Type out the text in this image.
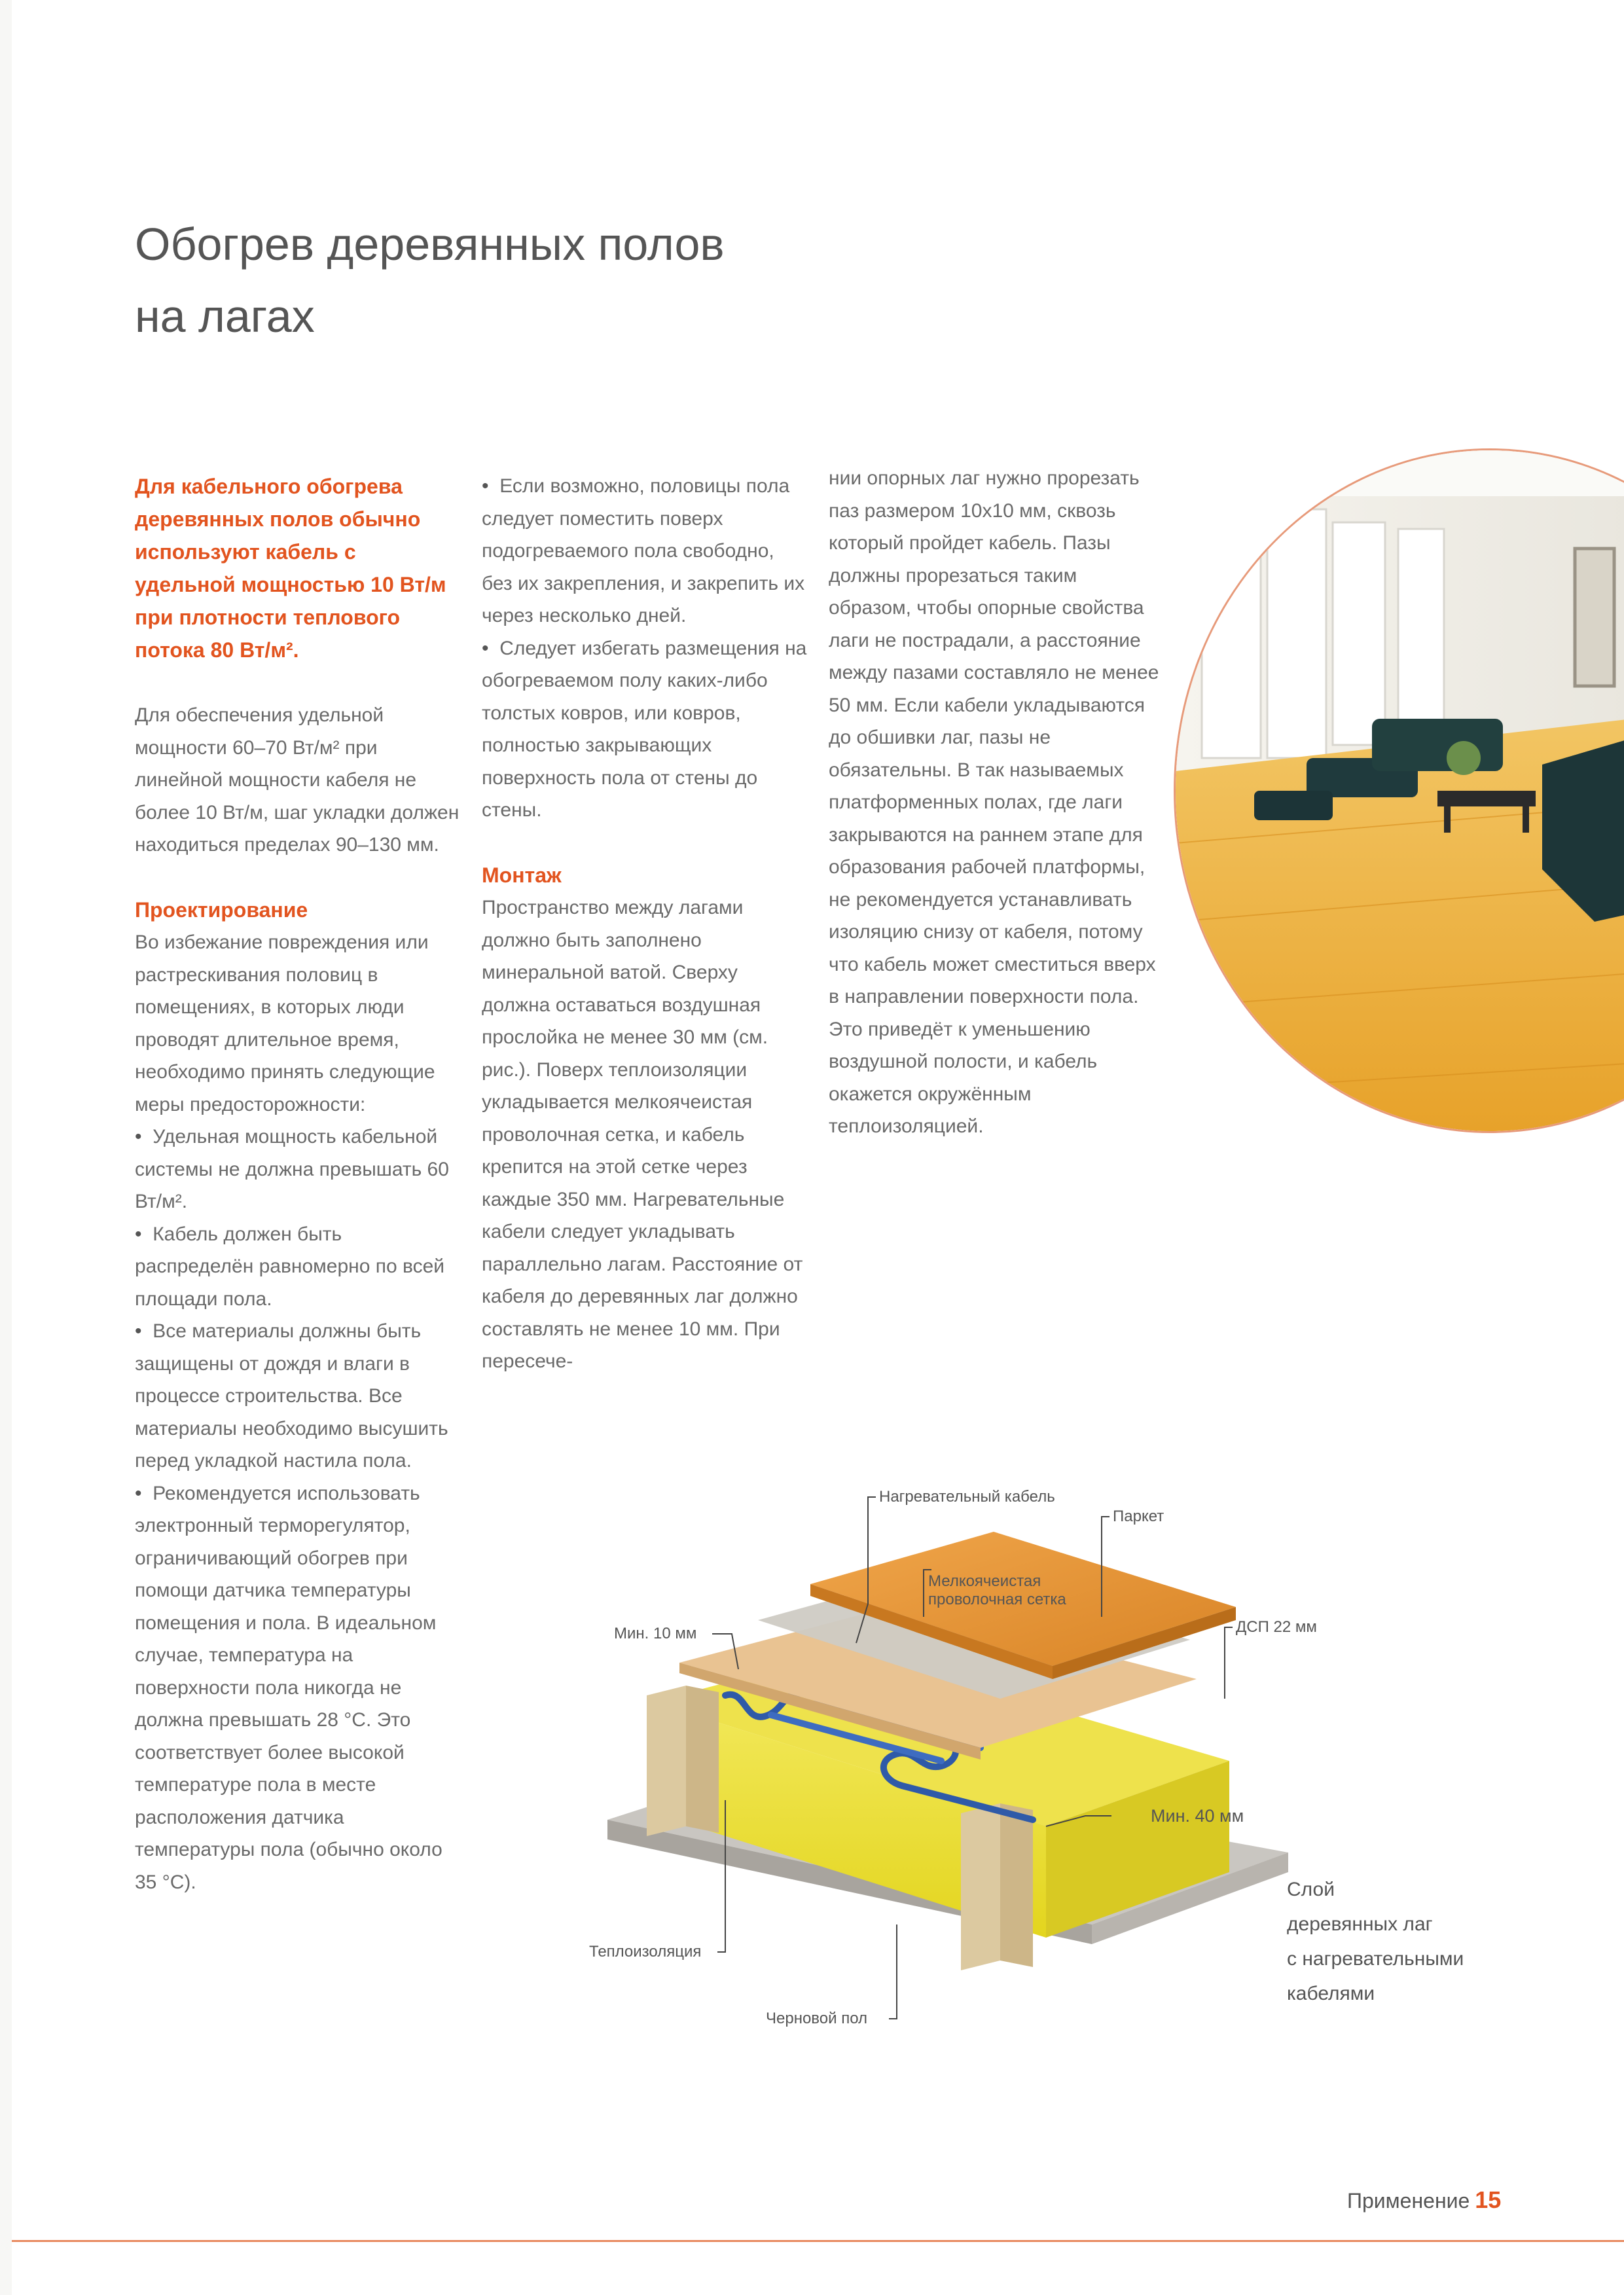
Обогрев деревянных полов
на лагах

Для кабельного обогрева деревянных полов обычно используют кабель с удельной мощностью 10 Вт/м при плотности теплового потока 80 Вт/м².

Для обеспечения удельной мощности 60–70 Вт/м² при линейной мощности кабеля не более 10 Вт/м, шаг укладки должен находиться пределах 90–130 мм.

Проектирование

Во избежание повреждения или растрескивания половиц в помещениях, в которых люди проводят длительное время, необходимо принять следующие меры предосторожности:

•  Удельная мощность кабельной системы не должна превышать 60 Вт/м².

•  Кабель должен быть распределён равномерно по всей площади пола.

•  Все материалы должны быть защищены от дождя и влаги в процессе строительства. Все материалы необходимо высушить перед укладкой настила пола.

•  Рекомендуется использовать электронный терморегулятор, ограничивающий обогрев при помощи датчика температуры помещения и пола. В идеальном случае, температура на поверхности пола никогда не должна превышать 28 °С. Это соответствует более высокой температуре пола в месте расположения датчика температуры пола (обычно около 35 °С).

•  Если возможно, половицы пола следует поместить поверх подогреваемого пола свободно, без их закрепления, и закрепить их через несколько дней.

•  Следует избегать размещения на обогреваемом полу каких-либо толстых ковров, или ковров, полностью закрывающих поверхность пола от стены до стены.

Монтаж

Пространство между лагами должно быть заполнено минеральной ватой. Сверху должна оставаться воздушная прослойка не менее 30 мм (см. рис.). Поверх теплоизоляции укладывается мелкоячеистая проволочная сетка, и кабель крепится на этой сетке через каждые 350 мм. Нагревательные кабели следует укладывать параллельно лагам. Расстояние от кабеля до деревянных лаг должно составлять не менее 10 мм. При пересече-

нии опорных лаг нужно прорезать паз размером 10x10 мм, сквозь который пройдет кабель. Пазы должны прорезаться таким образом, чтобы опорные свойства лаги не пострадали, а расстояние между пазами составляло не менее 50 мм. Если кабели укладываются до обшивки лаг, пазы не обязательны. В так называемых платформенных полах, где лаги закрываются на раннем этапе для образования рабочей платформы, не рекомендуется устанавливать изоляцию снизу от кабеля, потому что кабель может сместиться вверх в направлении поверхности пола. Это приведёт к уменьшению воздушной полости, и кабель окажется окружённым теплоизоляцией.

Нагревательный кабель
Паркет
Мелкоячеистая
проволочная сетка
Мин. 10 мм	ДСП 22 мм
Мин. 40 мм
Теплоизоляция
Черновой пол
Слой
деревянных лаг
с нагревательными
кабелями
Применение 15
